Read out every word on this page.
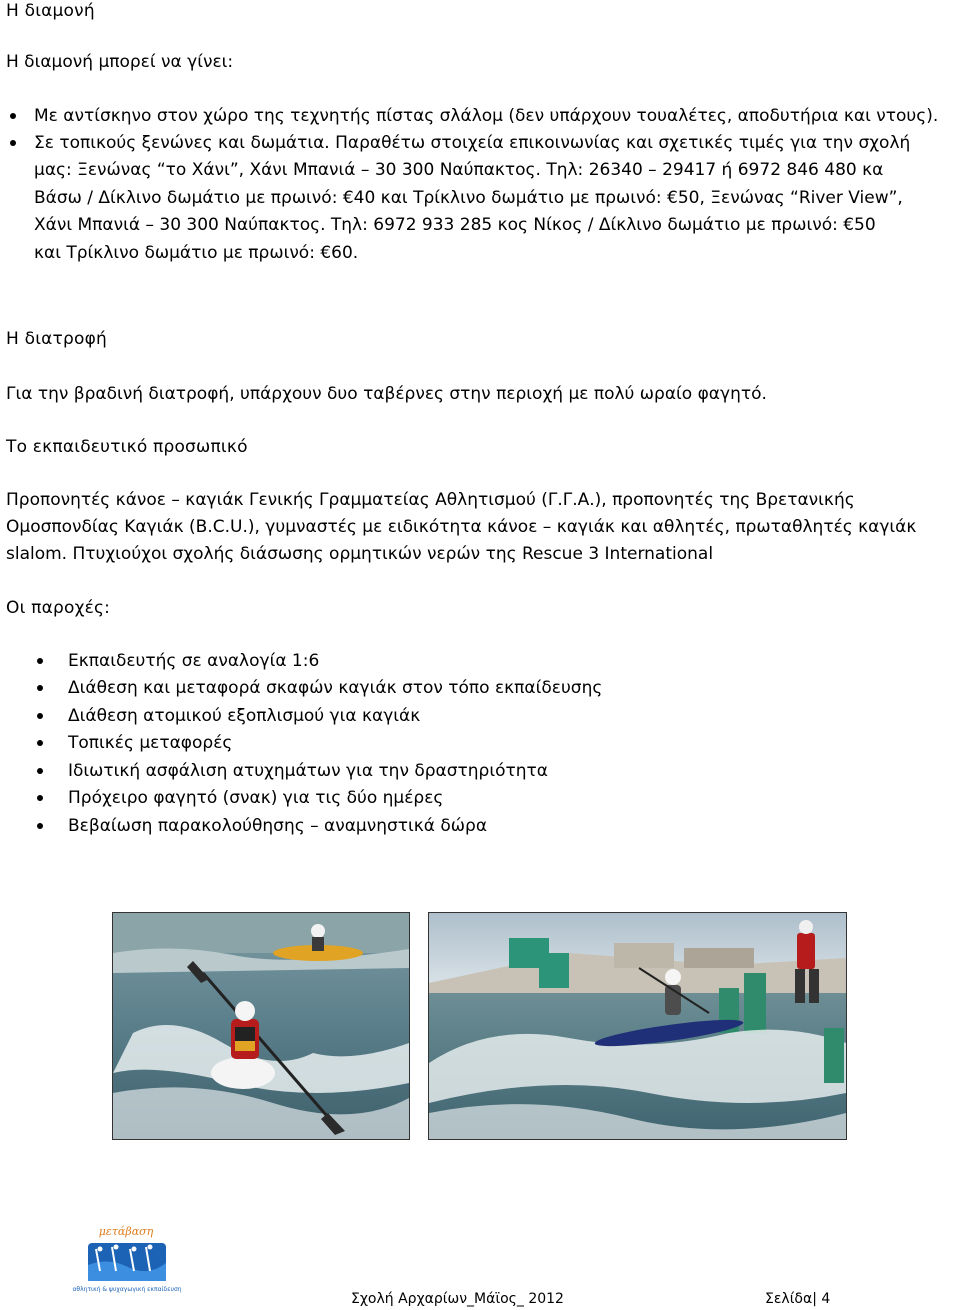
Η διαμονή
Η διαμονή μπορεί να γίνει:
Με αντίσκηνο στον χώρο της τεχνητής πίστας σλάλομ (δεν υπάρχουν τουαλέτες, αποδυτήρια και ντους).
Σε τοπικούς ξενώνες και δωμάτια. Παραθέτω στοιχεία επικοινωνίας και σχετικές τιμές για την σχολή
μας: Ξενώνας “το Χάνι”, Χάνι Μπανιά – 30 300 Ναύπακτος. Τηλ: 26340 – 29417 ή 6972 846 480 κα
Βάσω / Δίκλινο δωμάτιο με πρωινό: €40 και Τρίκλινο δωμάτιο με πρωινό: €50, Ξενώνας “River View”,
Χάνι Μπανιά – 30 300 Ναύπακτος. Τηλ: 6972 933 285 κος Νίκος / Δίκλινο δωμάτιο με πρωινό: €50
και Τρίκλινο δωμάτιο με πρωινό: €60.
Η διατροφή
Για την βραδινή διατροφή, υπάρχουν δυο ταβέρνες στην περιοχή με πολύ ωραίο φαγητό.
Το εκπαιδευτικό προσωπικό
Προπονητές κάνοε – καγιάκ Γενικής Γραμματείας Αθλητισμού (Γ.Γ.Α.), προπονητές της Βρετανικής
Ομοσπονδίας Καγιάκ (B.C.U.), γυμναστές με ειδικότητα κάνοε – καγιάκ και αθλητές, πρωταθλητές καγιάκ
slalom. Πτυχιούχοι σχολής διάσωσης ορμητικών νερών της Rescue 3 International
Οι παροχές:
Εκπαιδευτής σε αναλογία 1:6
Διάθεση και μεταφορά σκαφών καγιάκ στον τόπο εκπαίδευσης
Διάθεση ατομικού εξοπλισμού για καγιάκ
Τοπικές μεταφορές
Ιδιωτική ασφάλιση ατυχημάτων για την δραστηριότητα
Πρόχειρο φαγητό (σνακ) για τις δύο ημέρες
Βεβαίωση παρακολούθησης – αναμνηστικά δώρα
μετάβαση
αθλητική & ψυχαγωγική εκπαίδευση
Σχολή Αρχαρίων_Μάϊος_ 2012	Σελίδα| 4
